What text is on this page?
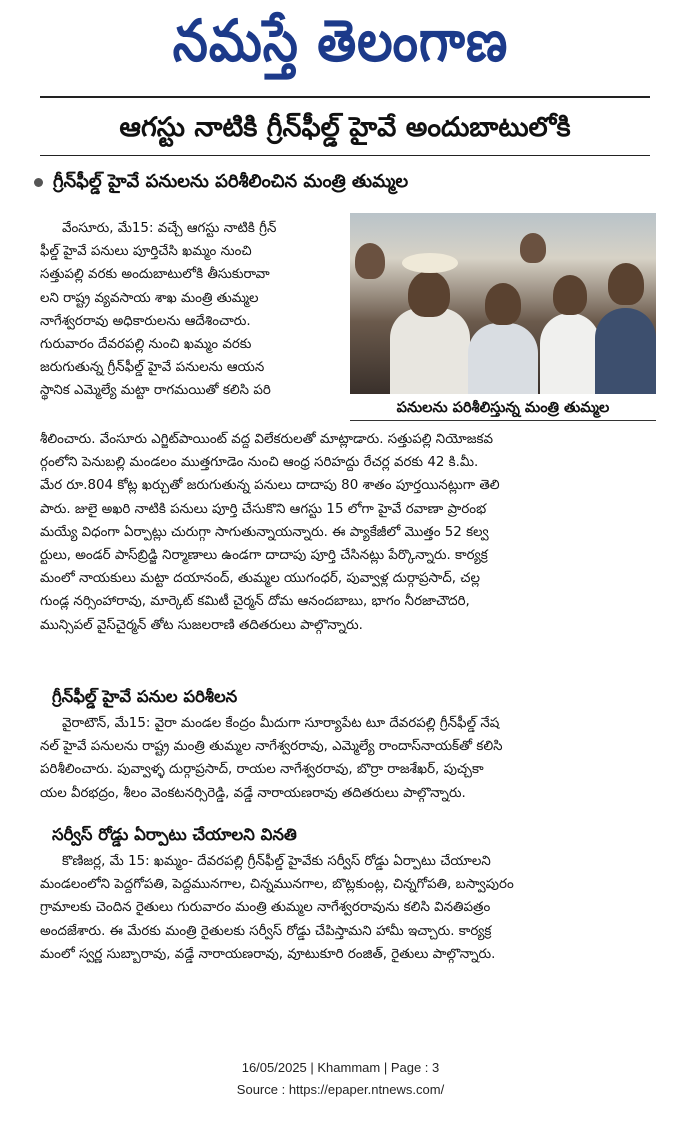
నమస్తే తెలంగాణ
ఆగస్టు నాటికి గ్రీన్‌ఫీల్డ్ హైవే అందుబాటులోకి
గ్రీన్‌ఫీల్డ్ హైవే పనులను పరిశీలించిన మంత్రి తుమ్మల
పనులను పరిశీలిస్తున్న మంత్రి తుమ్మల
వేంసూరు, మే15: వచ్చే ఆగస్టు నాటికి గ్రీన్
ఫీల్డ్ హైవే పనులు పూర్తిచేసి ఖమ్మం నుంచి
సత్తుపల్లి వరకు అందుబాటులోకి తీసుకురావా
లని రాష్ట్ర వ్యవసాయ శాఖ మంత్రి తుమ్మల
నాగేశ్వరరావు అధికారులను ఆదేశించారు.
గురువారం దేవరపల్లి నుంచి ఖమ్మం వరకు
జరుగుతున్న గ్రీన్‌ఫీల్డ్ హైవే పనులను ఆయన
స్థానిక ఎమ్మెల్యే మట్టా రాగమయితో కలిసి పరి
శీలించారు. వేంసూరు ఎగ్జిట్‌పాయింట్ వద్ద విలేకరులతో మాట్లాడారు. సత్తుపల్లి నియోజకవ
ర్గంలోని పెనుబల్లి మండలం ముత్తగూడెం నుంచి ఆంధ్ర సరిహద్దు రేచర్ల వరకు 42 కి.మీ.
మేర రూ.804 కోట్ల ఖర్చుతో జరుగుతున్న పనులు దాదాపు 80 శాతం పూర్తయినట్లుగా తెలి
పారు. జులై అఖరి నాటికి పనులు పూర్తి చేసుకొని ఆగస్టు 15 లోగా హైవే రవాణా ప్రారంభ
మయ్యే విధంగా ఏర్పాట్లు చురుగ్గా సాగుతున్నాయన్నారు. ఈ ప్యాకేజీలో మొత్తం 52 కల్వ
ర్టులు, అండర్ పాస్‌బ్రిడ్జి నిర్మాణాలు ఉండగా దాదాపు పూర్తి చేసినట్లు పేర్కొన్నారు. కార్యక్ర
మంలో నాయకులు మట్టా దయానంద్, తుమ్మల యుగంధర్, పువ్వాళ్ల దుర్గాప్రసాద్, చల్ల
గుండ్ల నర్సింహారావు, మార్కెట్ కమిటీ చైర్మన్ దోమ ఆనందబాబు, భాగం నీరజాచౌదరి,
మున్సిపల్ వైస్‌చైర్మన్ తోట సుజలరాణి తదితరులు పాల్గొన్నారు.
గ్రీన్‌ఫీల్డ్ హైవే పనుల పరిశీలన
వైరాటౌన్, మే15: వైరా మండల కేంద్రం మీదుగా సూర్యాపేట టూ దేవరపల్లి గ్రీన్‌ఫీల్డ్ నేష
నల్ హైవే పనులను రాష్ట్ర మంత్రి తుమ్మల నాగేశ్వరరావు, ఎమ్మెల్యే రాందాస్‌నాయక్‌తో కలిసి
పరిశీలించారు. పువ్వాళ్ళ దుర్గాప్రసాద్, రాయల నాగేశ్వరరావు, బొర్రా రాజశేఖర్, పుచ్చకా
యల వీరభద్రం, శీలం వెంకటనర్సిరెడ్డి, వడ్డే నారాయణరావు తదితరులు పాల్గొన్నారు.
సర్వీస్ రోడ్డు ఏర్పాటు చేయాలని వినతి
కొణిజర్ల, మే 15: ఖమ్మం- దేవరపల్లి గ్రీన్‌ఫీల్డ్ హైవేకు సర్వీస్ రోడ్డు ఏర్పాటు చేయాలని
మండలంలోని పెద్దగోపతి, పెద్దమునగాల, చిన్నమునగాల, బొట్లకుంట్ల, చిన్నగోపతి, బస్వాపురం
గ్రామాలకు చెందిన రైతులు గురువారం మంత్రి తుమ్మల నాగేశ్వరరావును కలిసి వినతిపత్రం
అందజేశారు. ఈ మేరకు మంత్రి రైతులకు సర్వీస్ రోడ్డు చేపిస్తామని హామీ ఇచ్చారు. కార్యక్ర
మంలో స్వర్ణ సుబ్బారావు, వడ్డే నారాయణరావు, వూటుకూరి రంజిత్, రైతులు పాల్గొన్నారు.
16/05/2025 | Khammam | Page : 3
Source : https://epaper.ntnews.com/
